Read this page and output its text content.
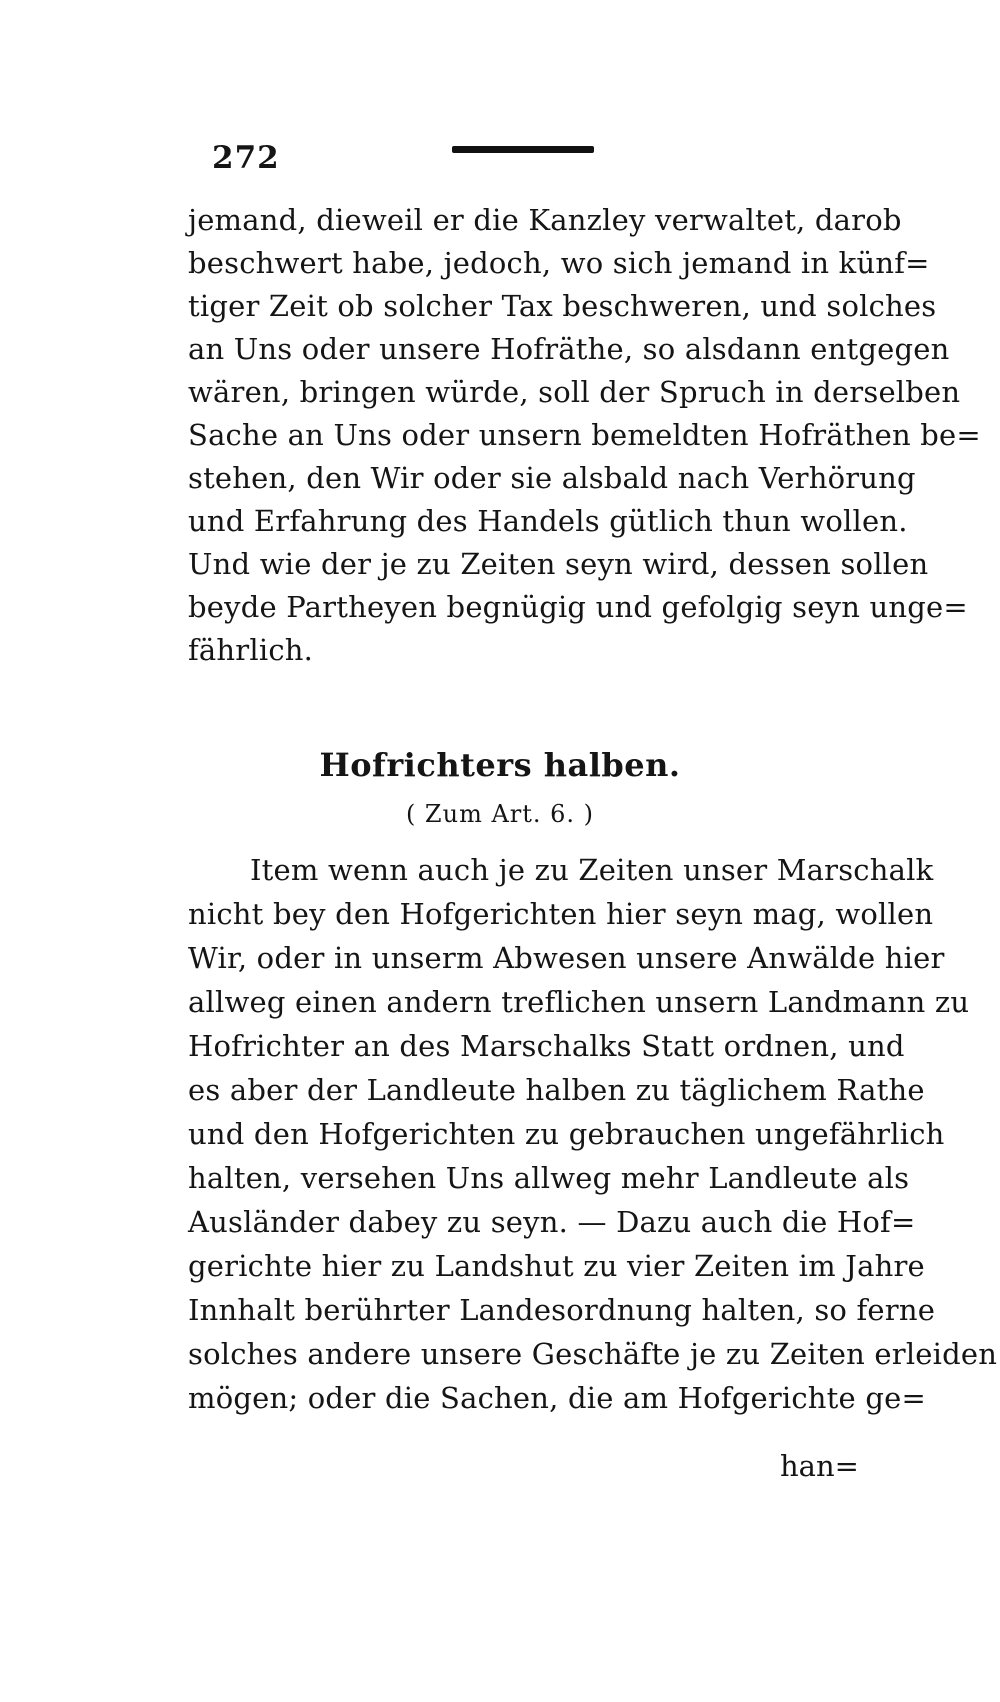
272
jemand, dieweil er die Kanzley verwaltet, darob
beschwert habe, jedoch, wo sich jemand in künf=
tiger Zeit ob solcher Tax beschweren, und solches
an Uns oder unsere Hofräthe, so alsdann entgegen
wären, bringen würde, soll der Spruch in derselben
Sache an Uns oder unsern bemeldten Hofräthen be=
stehen, den Wir oder sie alsbald nach Verhörung
und Erfahrung des Handels gütlich thun wollen.
Und wie der je zu Zeiten seyn wird, dessen sollen
beyde Partheyen begnügig und gefolgig seyn unge=
fährlich.
Hofrichters halben.
( Zum Art. 6. )
Item wenn auch je zu Zeiten unser Marschalk
nicht bey den Hofgerichten hier seyn mag, wollen
Wir, oder in unserm Abwesen unsere Anwälde hier
allweg einen andern treflichen unsern Landmann zu
Hofrichter an des Marschalks Statt ordnen, und
es aber der Landleute halben zu täglichem Rathe
und den Hofgerichten zu gebrauchen ungefährlich
halten, versehen Uns allweg mehr Landleute als
Ausländer dabey zu seyn. — Dazu auch die Hof=
gerichte hier zu Landshut zu vier Zeiten im Jahre
Innhalt berührter Landesordnung halten, so ferne
solches andere unsere Geschäfte je zu Zeiten erleiden
mögen; oder die Sachen, die am Hofgerichte ge=
han=
